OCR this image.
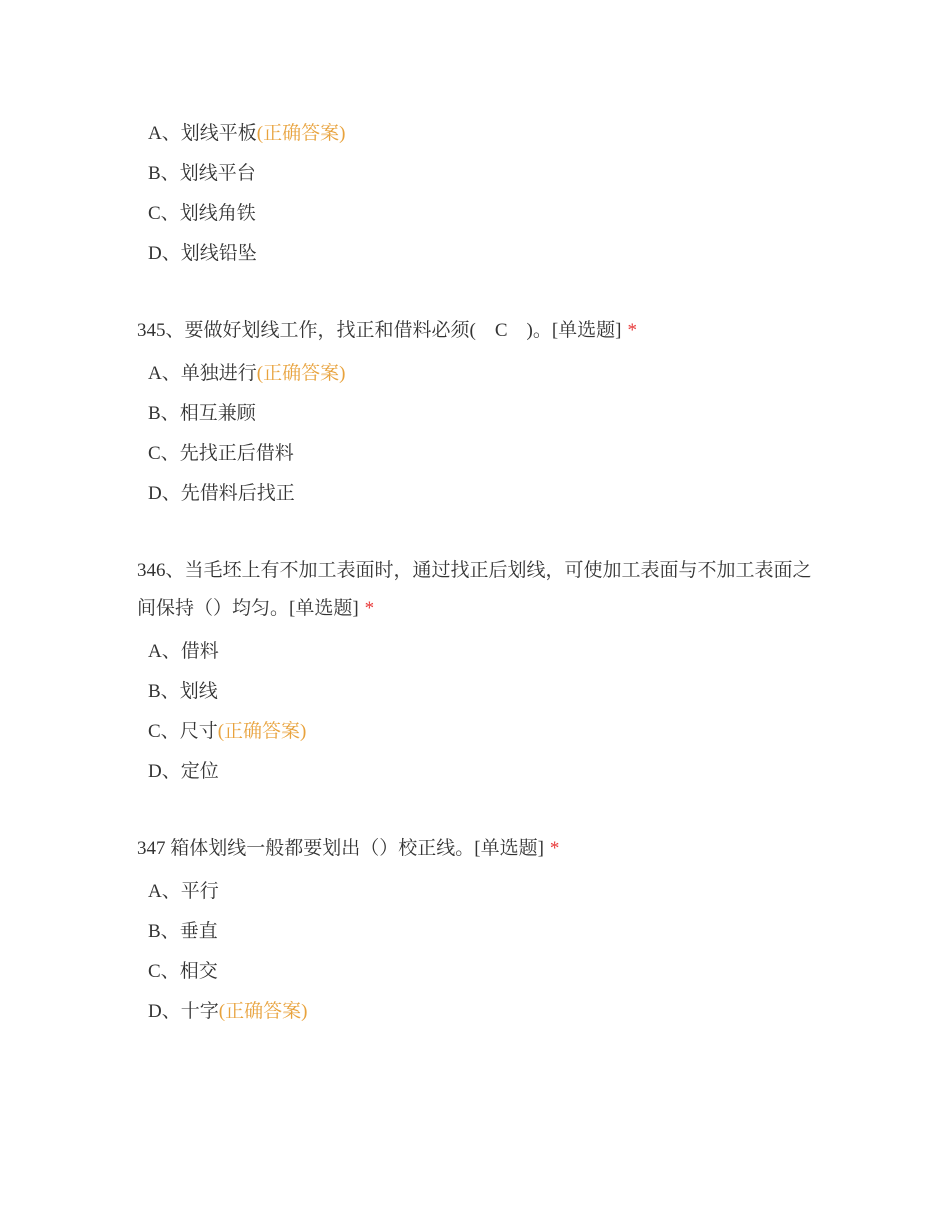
A、划线平板(正确答案)
B、划线平台
C、划线角铁
D、划线铅坠
345、要做好划线工作，找正和借料必须(　C　)。[单选题] *
A、单独进行(正确答案)
B、相互兼顾
C、先找正后借料
D、先借料后找正
346、当毛坯上有不加工表面时，通过找正后划线，可使加工表面与不加工表面之间保持（）均匀。[单选题] *
A、借料
B、划线
C、尺寸(正确答案)
D、定位
347 箱体划线一般都要划出（）校正线。[单选题] *
A、平行
B、垂直
C、相交
D、十字(正确答案)
